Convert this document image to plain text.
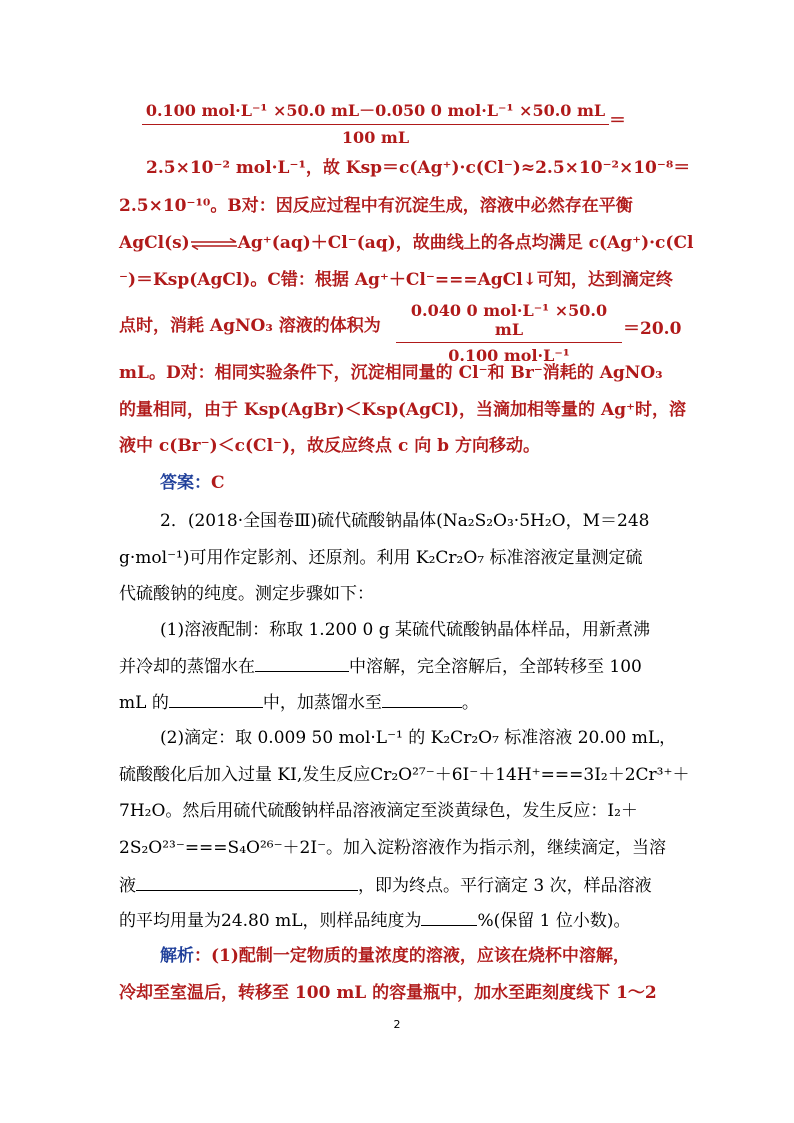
0.100 mol·L⁻¹ ×50.0 mL－0.050 0 mol·L⁻¹ ×50.0 mL
100 mL
＝
2.5×10⁻² mol·L⁻¹，故 Ksp＝c(Ag⁺)·c(Cl⁻)≈2.5×10⁻²×10⁻⁸＝
2.5×10⁻¹⁰。B对：因反应过程中有沉淀生成，溶液中必然存在平衡
AgCl(s)⇌Ag⁺(aq)＋Cl⁻(aq)，故曲线上的各点均满足 c(Ag⁺)·c(Cl
⁻)＝Ksp(AgCl)。C错：根据 Ag⁺＋Cl⁻===AgCl↓可知，达到滴定终
点时，消耗 AgNO₃ 溶液的体积为
0.040 0 mol·L⁻¹ ×50.0 mL
0.100 mol·L⁻¹
＝20.0
mL。D对：相同实验条件下，沉淀相同量的 Cl⁻和 Br⁻消耗的 AgNO₃
的量相同，由于 Ksp(AgBr)＜Ksp(AgCl)，当滴加相等量的 Ag⁺时，溶
液中 c(Br⁻)＜c(Cl⁻)，故反应终点 c 向 b 方向移动。
答案：C
2．(2018·全国卷Ⅲ)硫代硫酸钠晶体(Na₂S₂O₃·5H₂O，M＝248
g·mol⁻¹)可用作定影剂、还原剂。利用 K₂Cr₂O₇ 标准溶液定量测定硫
代硫酸钠的纯度。测定步骤如下：
(1)溶液配制：称取 1.200 0 g 某硫代硫酸钠晶体样品，用新煮沸
并冷却的蒸馏水在	中溶解，完全溶解后，全部转移至 100
mL 的	中，加蒸馏水至	。
(2)滴定：取 0.009 50 mol·L⁻¹ 的 K₂Cr₂O₇ 标准溶液 20.00 mL，
硫酸酸化后加入过量 KI,发生反应Cr₂O²⁷⁻＋6I⁻＋14H⁺===3I₂＋2Cr³⁺＋
7H₂O。然后用硫代硫酸钠样品溶液滴定至淡黄绿色，发生反应：I₂＋
2S₂O²³⁻===S₄O²⁶⁻＋2I⁻。加入淀粉溶液作为指示剂，继续滴定，当溶
液	，即为终点。平行滴定 3 次，样品溶液
的平均用量为24.80 mL，则样品纯度为	%(保留 1 位小数)。
解析：(1)配制一定物质的量浓度的溶液，应该在烧杯中溶解，
冷却至室温后，转移至 100 mL 的容量瓶中，加水至距刻度线下 1～2
2
